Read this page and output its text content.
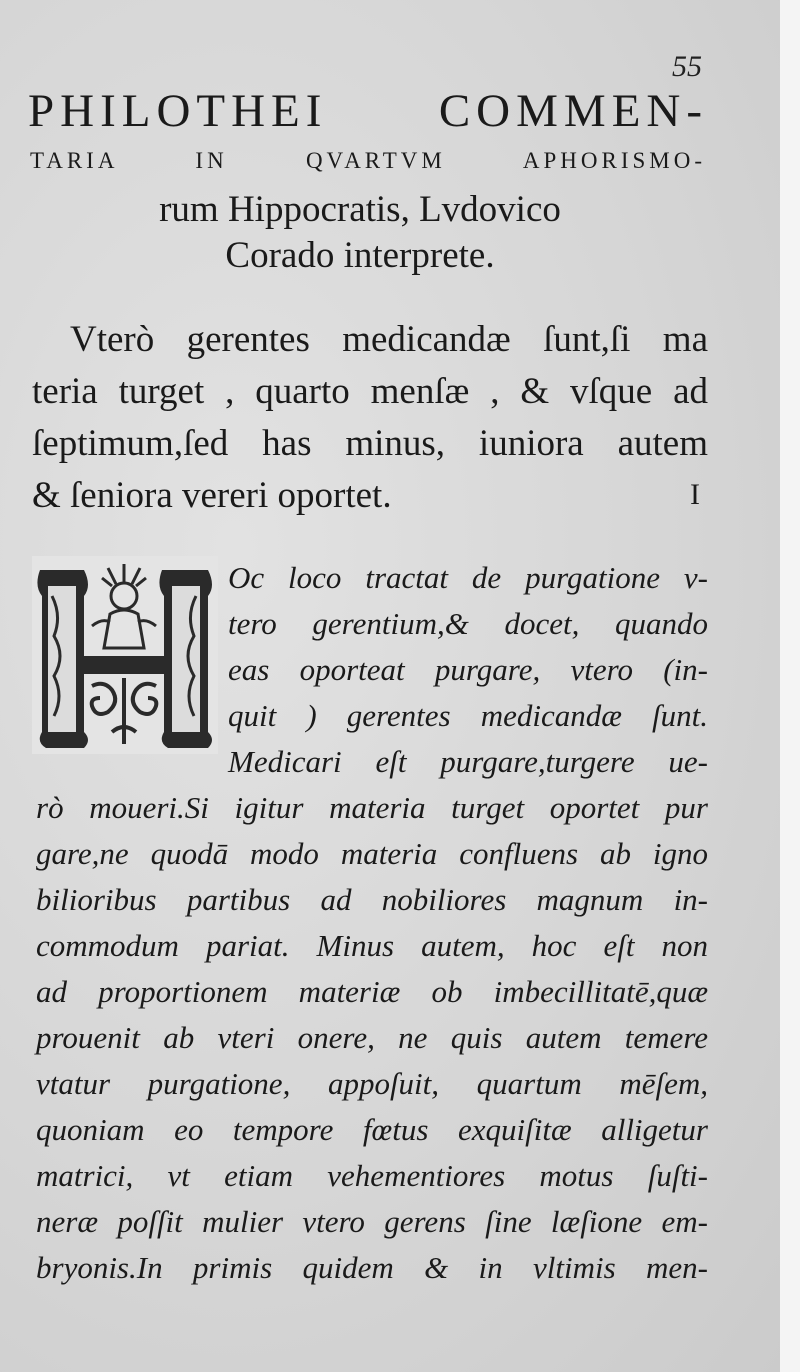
55
PHILOTHEI COMMEN-
TARIA IN QVARTVM APHORISMO-
rum Hippocratis, Lvdovico
Corado interprete.
Vterò gerentes medicandæ ſunt,ſi ma
teria turget , quarto menſæ , & vſque ad
ſeptimum,ſed has minus, iuniora autem
& ſeniora vereri oportet.	I
Oc loco tractat de purgatione v-
tero gerentium,& docet, quando
eas oporteat purgare, vtero (in-
quit ) gerentes medicandæ ſunt.
Medicari eſt purgare,turgere ue-
rò moueri.Si igitur materia turget oportet pur
gare,ne quodā modo materia confluens ab igno
bilioribus partibus ad nobiliores magnum in-
commodum pariat. Minus autem, hoc eſt non
ad proportionem materiæ ob imbecillitatē,quæ
prouenit ab vteri onere, ne quis autem temere
vtatur purgatione, appoſuit, quartum mēſem,
quoniam eo tempore fœtus exquiſitæ alligetur
matrici, vt etiam vehementiores motus ſuſti-
neræ poſſit mulier vtero gerens ſine læſione em-
bryonis.In primis quidem & in vltimis men-
